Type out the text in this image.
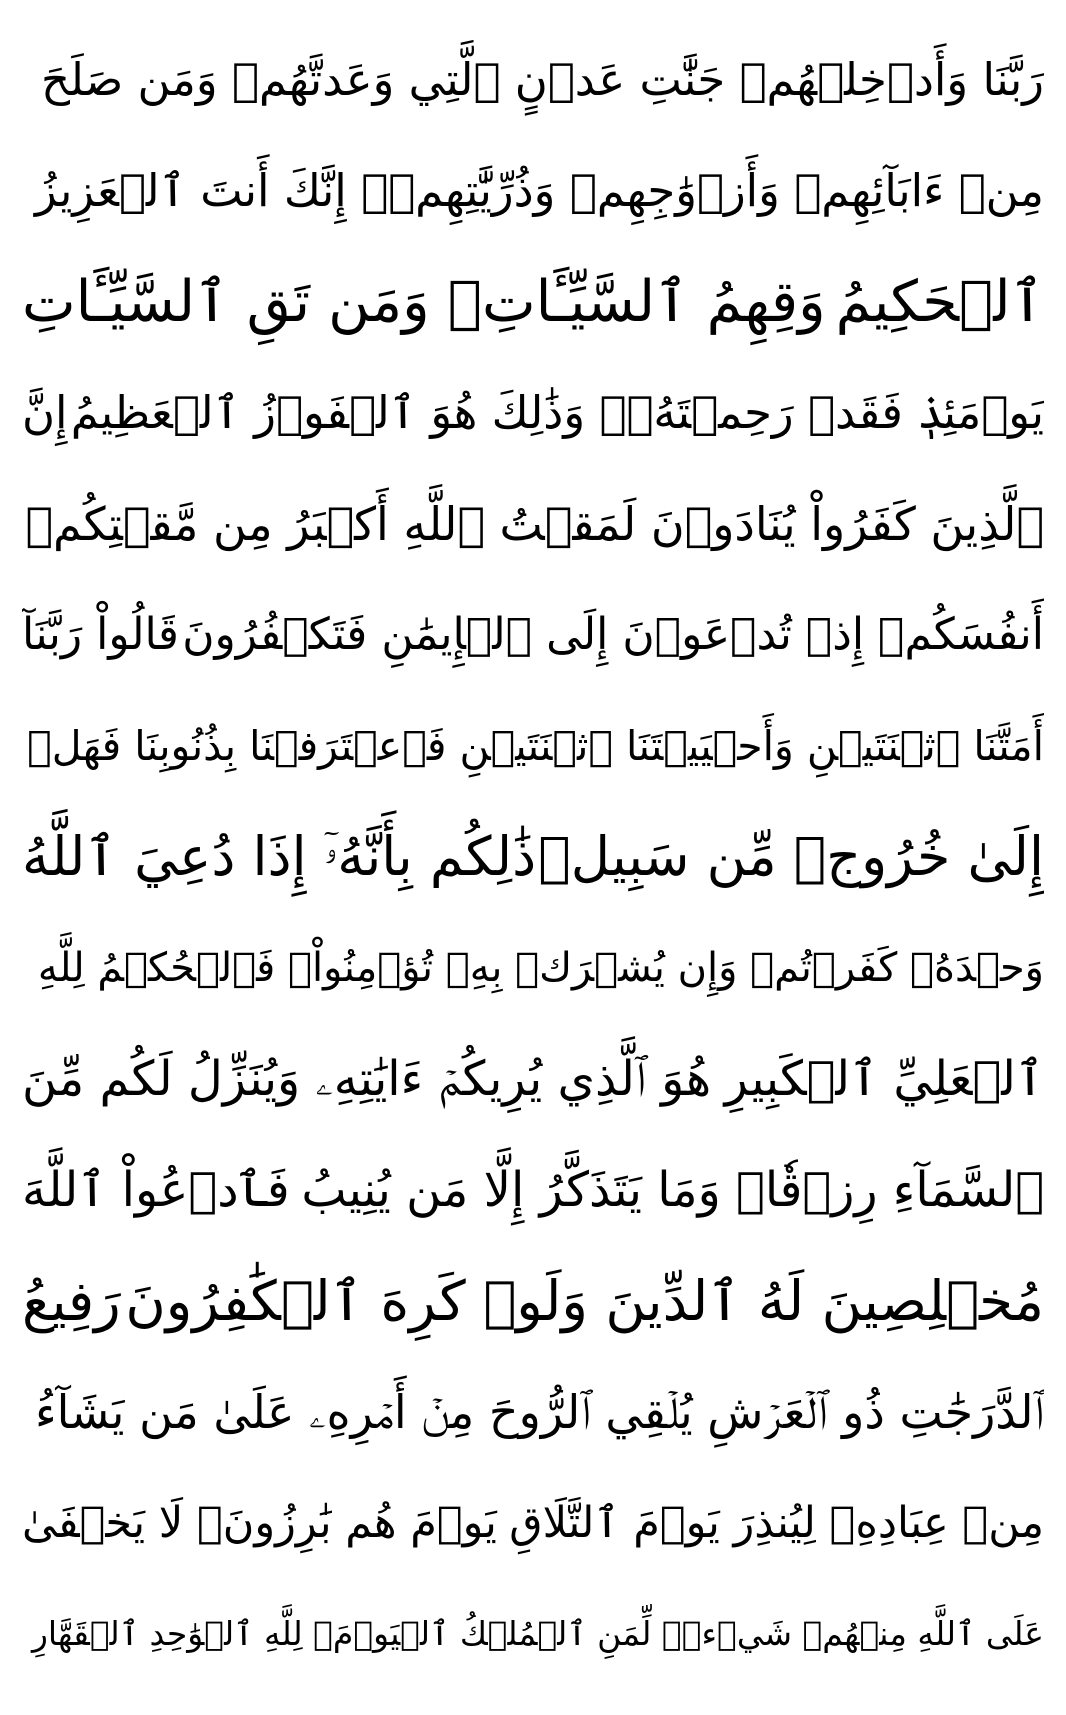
رَبَّنَا وَأَدۡخِلۡهُمۡ جَنَّٰتِ عَدۡنٍ ٱلَّتِي وَعَدتَّهُمۡ وَمَن صَلَحَ
مِنۡ ءَابَآئِهِمۡ وَأَزۡوَٰجِهِمۡ وَذُرِّيَّٰتِهِمۡۚ إِنَّكَ أَنتَ ٱلۡعَزِيزُ
ٱلۡحَكِيمُ
وَقِهِمُ ٱلسَّيِّـَٔاتِۚ وَمَن تَقِ ٱلسَّيِّـَٔاتِ
يَوۡمَئِذٖ فَقَدۡ رَحِمۡتَهُۥۚ وَذَٰلِكَ هُوَ ٱلۡفَوۡزُ ٱلۡعَظِيمُ
إِنَّ
ٱلَّذِينَ كَفَرُواْ يُنَادَوۡنَ لَمَقۡتُ ٱللَّهِ أَكۡبَرُ مِن مَّقۡتِكُمۡ
أَنفُسَكُمۡ إِذۡ تُدۡعَوۡنَ إِلَى ٱلۡإِيمَٰنِ فَتَكۡفُرُونَ
قَالُواْ رَبَّنَآ
أَمَتَّنَا ٱثۡنَتَيۡنِ وَأَحۡيَيۡتَنَا ٱثۡنَتَيۡنِ فَٱعۡتَرَفۡنَا بِذُنُوبِنَا فَهَلۡ
إِلَىٰ خُرُوجٖ مِّن سَبِيلٖ
ذَٰلِكُم بِأَنَّهُۥٓ إِذَا دُعِيَ ٱللَّهُ
وَحۡدَهُۥ كَفَرۡتُمۡ وَإِن يُشۡرَكۡ بِهِۦ تُؤۡمِنُواْۚ فَٱلۡحُكۡمُ لِلَّهِ
ٱلۡعَلِيِّ ٱلۡكَبِيرِ
هُوَ ٱلَّذِي يُرِيكُمۡ ءَايَٰتِهِۦ وَيُنَزِّلُ لَكُم مِّنَ
ٱلسَّمَآءِ رِزۡقٗاۚ وَمَا يَتَذَكَّرُ إِلَّا مَن يُنِيبُ
فَٱدۡعُواْ ٱللَّهَ
مُخۡلِصِينَ لَهُ ٱلدِّينَ وَلَوۡ كَرِهَ ٱلۡكَٰفِرُونَ
رَفِيعُ
ٱلدَّرَجَٰتِ ذُو ٱلۡعَرۡشِ يُلۡقِي ٱلرُّوحَ مِنۡ أَمۡرِهِۦ عَلَىٰ مَن يَشَآءُ
مِنۡ عِبَادِهِۦ لِيُنذِرَ يَوۡمَ ٱلتَّلَاقِ
يَوۡمَ هُم بَٰرِزُونَۖ لَا يَخۡفَىٰ
عَلَى ٱللَّهِ مِنۡهُمۡ شَيۡءٞۚ لِّمَنِ ٱلۡمُلۡكُ ٱلۡيَوۡمَۖ لِلَّهِ ٱلۡوَٰحِدِ ٱلۡقَهَّارِ
